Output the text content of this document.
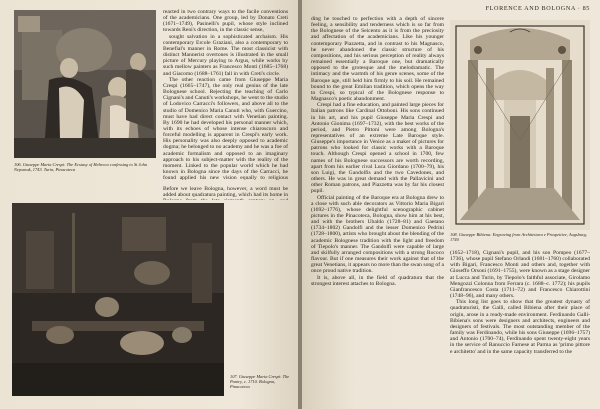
106. Giuseppe Maria Crespi: The Ecstasy of Hebecca confessing to St John Nepomuk, 1743. Turin, Pinacoteca

reacted in two contrary ways to the facile conventions of the academicians. One group, led by Donato Creti (1671–1749), Pasinelli's pupil, whose style inclined towards Reni's direction, in the classic sense,

sought salvation in a sophisticated archaism. His contemporary Ercole Graziani, also a contemporary to Benefial's manner in Rome. The most classicist with distinct Mannerist overtones is illustrated in the small picture of Mercury playing to Argus, while works by such mellow painters as Francesco Monti (1685–1768) and Giacomo (1688–1761) fall in with Creti's circle.

The other reaction came from Giuseppe Maria Crespi (1665–1747), the only real genius of the late Bolognese school. Rejecting the teaching of Carlo Cignani's and Canuti's workshops, he went to the studio of Lodovico Carracci's followers, and above all to the studio of Domenico Maria Canuti who, with Guercino, must have had direct contact with Venetian painting. By 1690 he had developed his personal manner which, with its echoes of whose intense chiaroscuro and forceful modelling is apparent in Crespi's early work. His personality was also deeply opposed to academic dogma; he belonged to no academy and he was a foe of academic formalism and opposed to an imaginary approach to his subject-matter with the reality of the moment. Linked to the popular world which he had known in Bologna since the days of the Carracci, he found applied his new vision equally to religious

107. Giuseppe Maria Crespi: The Pantry, c. 1710. Bologna, Pinacoteca

Before we leave Bologna, however, a word must be added about quadratura painting, which had its home in

FLORENCE AND BOLOGNA · 85

ding he touched to perfection with a depth of sincere feeling, a sensibility and tenderness which is so far from the Bolognese of the Seicento as it is from the preciosity and affectation of the academicians. Like his younger contemporary Piazzetta, and in contrast to his Magnasco, he never abandoned the classic structure of his compositions, and his serious perception of reality always remained essentially a Baroque one, but dramatically opposed to the grotesque and the melodramatic. The intimacy and the warmth of his genre scenes, some of the Baroque age, still held him firmly to his soil. He remained bound to the great Emilian tradition, which opens the way to Crespi, so typical of the Bolognese response to Magnasco's poetic abandonment.

Crespi had a fine education, and painted large pieces for Italian patrons like Cardinal Ottoboni. His sons continued in his art, and his pupil Giuseppe Maria Crespi and Antonio Gionima (1697–1732), with the best works of the period, and Pietro Pittoni were among Bologna's representatives of an extreme Late Baroque style. Giuseppe's importance in Venice as a maker of pictures for patrons who looked for classic works with a Baroque touch. Although Crespi opened a school in 1700, few names of his Bolognese successors are worth recording, apart from his earlier rival Luca Giordano (1700–79), his son Luigi, the Gandolfis and the two Cavedones, and others. He was in great demand with the Pallavicini and other Roman patrons, and Piazzetta was by far his closest pupil.

Official painting of the Baroque era at Bologna drew to a close with such able decorators as Vittorio Maria Bigari (1692–1776), whose delightful scenographic cabinet pictures in the Pinacoteca, Bologna, show him at his best, and with the brothers Ubaldo (1728–81) and Gaetano (1734–1802) Gandolfi and the lesser Domenico Pedrini (1728–1800), artists who brought about the blending of the academic Bolognese tradition with the light and freedom of Tiepolo's manner. The Gandolfi were capable of large and skilfully arranged compositions with a strong Rococo flavour. But if one measures their work against that of the great Venetians, it appears no more than the swan song of a once proud native tradition.

It is, above all, in the field of quadratura that the strongest interest attaches to Bologna.

108. Giuseppe Bibiena: Engraving from Architettura e Prospettive, Augsburg, 1740

(1652–1718), Cignani's pupil, and his son Pompeo (1677–1736), whose pupil Stefano Orlandi (1681–1760) collaborated with Bigari, Francesco Monti and others and, together with Gioseffo Orsoni (1691–1755), were known as a stage designer at Lucca and Turin, by Tiepolo's faithful associate, Girolamo Mengozzi Colonna from Ferrara (c. 1688–c. 1772); his pupils Gianfrancesco Costa (1711–72) and Francesco Chiarottini (1748–96), and many others.

This long list goes to show that the greatest dynasty of quadraturisti, the Galli, called Bibiena after their place of origin, arose in a ready-made environment. Ferdinando Galli-Bibiena's sons were designers and architects, engineers and designers of festivals. The most outstanding member of the family was Ferdinando, while his sons Giuseppe (1696–1757) and Antonio (1700–74), Ferdinando spent twenty-eight years in the service of Ranuccio Farnese at Parma as 'primo pittore e architetto' and in the same capacity transferred to the
